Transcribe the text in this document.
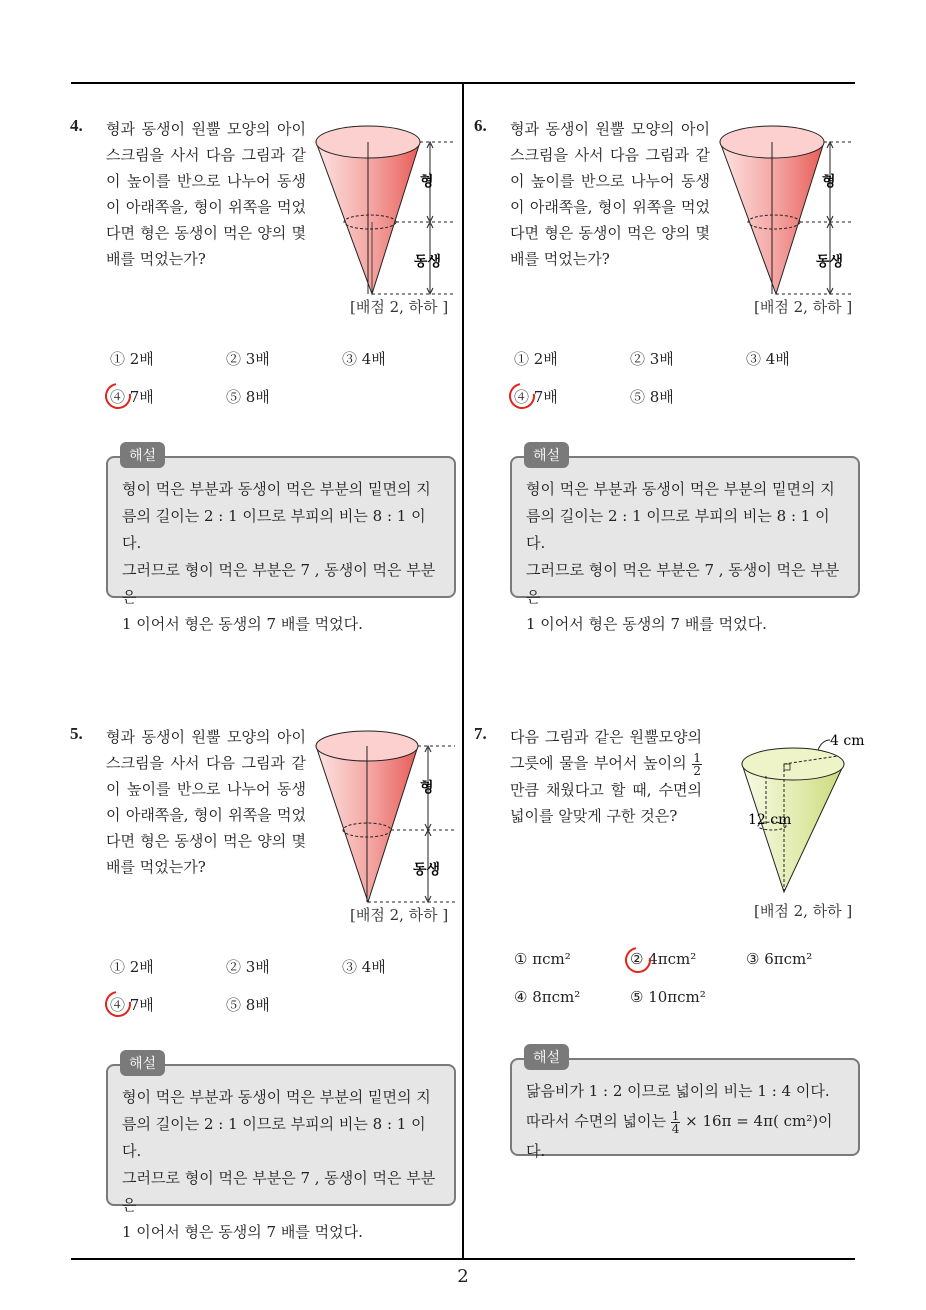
4. 형과 동생이 원뿔 모양의 아이스크림을 사서 다음 그림과 같이 높이를 반으로 나누어 동생이 아래쪽을, 형이 위쪽을 먹었다면 형은 동생이 먹은 양의 몇 배를 먹었는가?
형
동생
[배점 2, 하하 ]
① 2배	② 3배	③ 4배
④ 7배	⑤ 8배
해설
형이 먹은 부분과 동생이 먹은 부분의 밑면의 지
름의 길이는 2 : 1 이므로 부피의 비는 8 : 1 이다.
그러므로 형이 먹은 부분은 7 , 동생이 먹은 부분은
1 이어서 형은 동생의 7 배를 먹었다.
6. 형과 동생이 원뿔 모양의 아이스크림을 사서 다음 그림과 같이 높이를 반으로 나누어 동생이 아래쪽을, 형이 위쪽을 먹었다면 형은 동생이 먹은 양의 몇 배를 먹었는가?
형
동생
[배점 2, 하하 ]
① 2배	② 3배	③ 4배
④ 7배	⑤ 8배
해설
형이 먹은 부분과 동생이 먹은 부분의 밑면의 지
름의 길이는 2 : 1 이므로 부피의 비는 8 : 1 이다.
그러므로 형이 먹은 부분은 7 , 동생이 먹은 부분은
1 이어서 형은 동생의 7 배를 먹었다.
5. 형과 동생이 원뿔 모양의 아이스크림을 사서 다음 그림과 같이 높이를 반으로 나누어 동생이 아래쪽을, 형이 위쪽을 먹었다면 형은 동생이 먹은 양의 몇 배를 먹었는가?
형
동생
[배점 2, 하하 ]
① 2배	② 3배	③ 4배
④ 7배	⑤ 8배
해설
형이 먹은 부분과 동생이 먹은 부분의 밑면의 지
름의 길이는 2 : 1 이므로 부피의 비는 8 : 1 이다.
그러므로 형이 먹은 부분은 7 , 동생이 먹은 부분은
1 이어서 형은 동생의 7 배를 먹었다.
7. 다음 그림과 같은 원뿔모양의 그릇에 물을 부어서 높이의 $\frac{1}{2}$
만큼 채웠다고 할 때, 수면의 넓이를 알맞게 구한 것은?
4 cm
12 cm
[배점 2, 하하 ]
① πcm²	② 4πcm²	③ 6πcm²
④ 8πcm²	⑤ 10πcm²
해설
닮음비가 1 : 2 이므로 넓이의 비는 1 : 4 이다.
따라서 수면의 넓이는 $\frac{1}{4} \times 16\pi = 4\pi$( cm²)이다.
2
